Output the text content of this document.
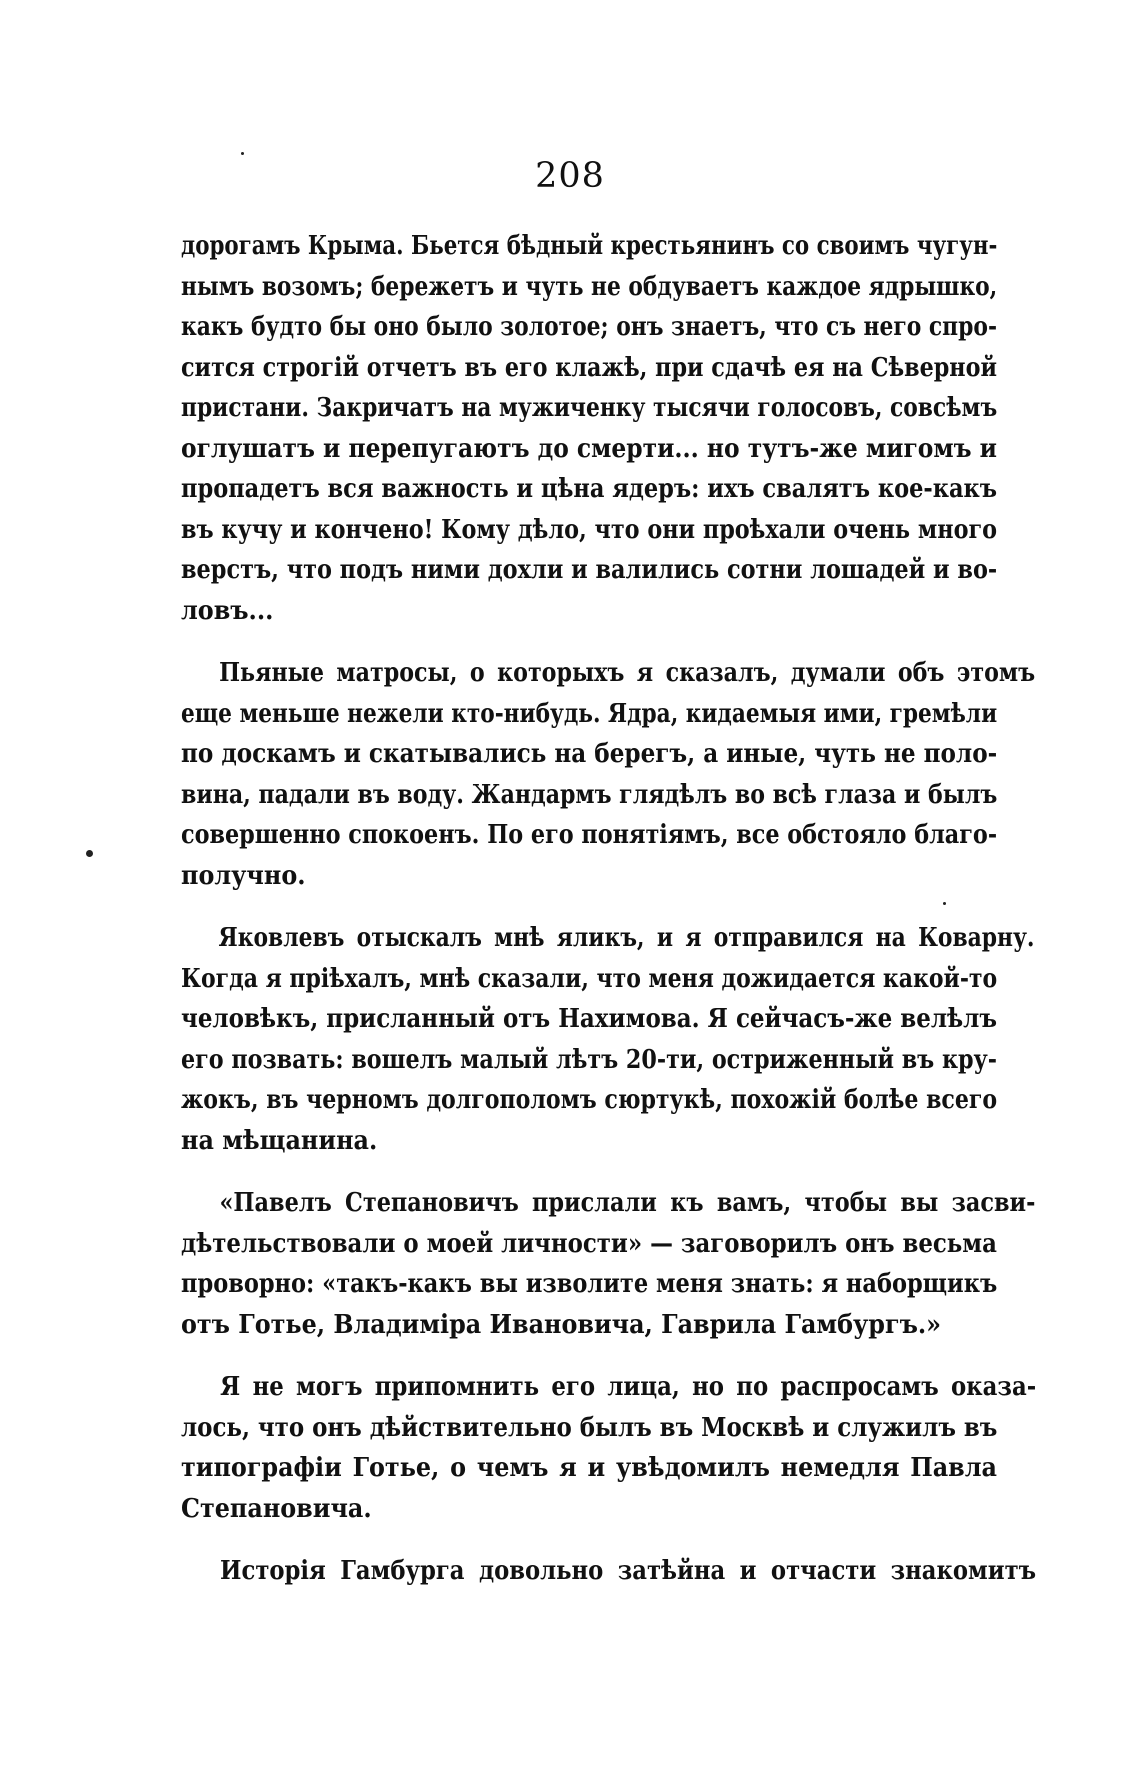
208
дорогамъ Крыма. Бьется бѣдный крестьянинъ со своимъ чугун-
нымъ возомъ; бережетъ и чуть не обдуваетъ каждое ядрышко,
какъ будто бы оно было золотое; онъ знаетъ, что съ него спро-
сится строгій отчетъ въ его клажѣ, при сдачѣ ея на Сѣверной
пристани. Закричатъ на мужиченку тысячи голосовъ, совсѣмъ
оглушатъ и перепугаютъ до смерти... но тутъ-же мигомъ и
пропадетъ вся важность и цѣна ядеръ: ихъ свалятъ кое-какъ
въ кучу и кончено! Кому дѣло, что они проѣхали очень много
верстъ, что подъ ними дохли и валились сотни лошадей и во-
ловъ...
Пьяные матросы, о которыхъ я сказалъ, думали объ этомъ
еще меньше нежели кто-нибудь. Ядра, кидаемыя ими, гремѣли
по доскамъ и скатывались на берегъ, а иные, чуть не поло-
вина, падали въ воду. Жандармъ глядѣлъ во всѣ глаза и былъ
совершенно спокоенъ. По его понятіямъ, все обстояло благо-
получно.
Яковлевъ отыскалъ мнѣ яликъ, и я отправился на Коварну.
Когда я пріѣхалъ, мнѣ сказали, что меня дожидается какой-то
человѣкъ, присланный отъ Нахимова. Я сейчасъ-же велѣлъ
его позвать: вошелъ малый лѣтъ 20-ти, остриженный въ кру-
жокъ, въ черномъ долгополомъ сюртукѣ, похожій болѣе всего
на мѣщанина.
«Павелъ Степановичъ прислали къ вамъ, чтобы вы засви-
дѣтельствовали о моей личности» — заговорилъ онъ весьма
проворно: «такъ-какъ вы изволите меня знать: я наборщикъ
отъ Готье, Владиміра Ивановича, Гаврила Гамбургъ.»
Я не могъ припомнить его лица, но по распросамъ оказа-
лось, что онъ дѣйствительно былъ въ Москвѣ и служилъ въ
типографіи Готье, о чемъ я и увѣдомилъ немедля Павла
Степановича.
Исторія Гамбурга довольно затѣйна и отчасти знакомитъ
